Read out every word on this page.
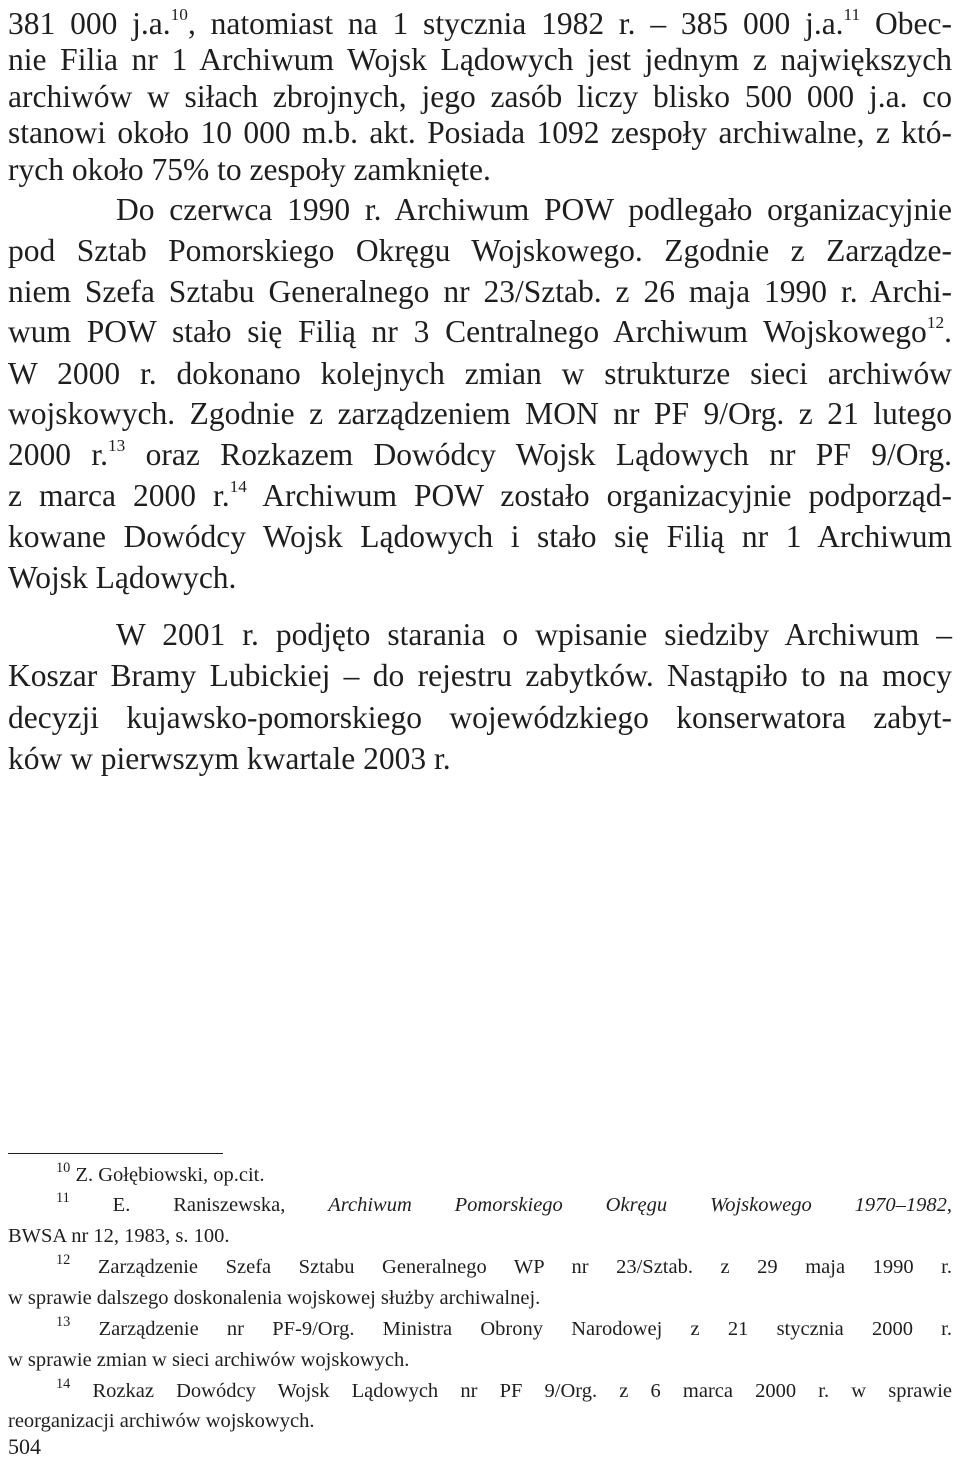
381 000 j.a.$^{10}$, natomiast na 1 stycznia 1982 r. – 385 000 j.a.$^{11}$ Obec-
nie Filia nr 1 Archiwum Wojsk Lądowych jest jednym z największych
archiwów w siłach zbrojnych, jego zasób liczy blisko 500 000 j.a. co
stanowi około 10 000 m.b. akt. Posiada 1092 zespoły archiwalne, z któ-
rych około 75% to zespoły zamknięte.
Do czerwca 1990 r. Archiwum POW podlegało organizacyjnie
pod Sztab Pomorskiego Okręgu Wojskowego. Zgodnie z Zarządze-
niem Szefa Sztabu Generalnego nr 23/Sztab. z 26 maja 1990 r. Archi-
wum POW stało się Filią nr 3 Centralnego Archiwum Wojskowego$^{12}$.
W 2000 r. dokonano kolejnych zmian w strukturze sieci archiwów
wojskowych. Zgodnie z zarządzeniem MON nr PF 9/Org. z 21 lutego
2000 r.$^{13}$ oraz Rozkazem Dowódcy Wojsk Lądowych nr PF 9/Org.
z marca 2000 r.$^{14}$ Archiwum POW zostało organizacyjnie podporząd-
kowane Dowódcy Wojsk Lądowych i stało się Filią nr 1 Archiwum
Wojsk Lądowych.
W 2001 r. podjęto starania o wpisanie siedziby Archiwum –
Koszar Bramy Lubickiej – do rejestru zabytków. Nastąpiło to na mocy
decyzji kujawsko-pomorskiego wojewódzkiego konserwatora zabyt-
ków w pierwszym kwartale 2003 r.
$^{10}$ Z. Gołębiowski, op.cit.
$^{11}$ E. Raniszewska, Archiwum Pomorskiego Okręgu Wojskowego 1970–1982,
BWSA nr 12, 1983, s. 100.
$^{12}$ Zarządzenie Szefa Sztabu Generalnego WP nr 23/Sztab. z 29 maja 1990 r.
w sprawie dalszego doskonalenia wojskowej służby archiwalnej.
$^{13}$ Zarządzenie nr PF-9/Org. Ministra Obrony Narodowej z 21 stycznia 2000 r.
w sprawie zmian w sieci archiwów wojskowych.
$^{14}$ Rozkaz Dowódcy Wojsk Lądowych nr PF 9/Org. z 6 marca 2000 r. w sprawie
reorganizacji archiwów wojskowych.
504
